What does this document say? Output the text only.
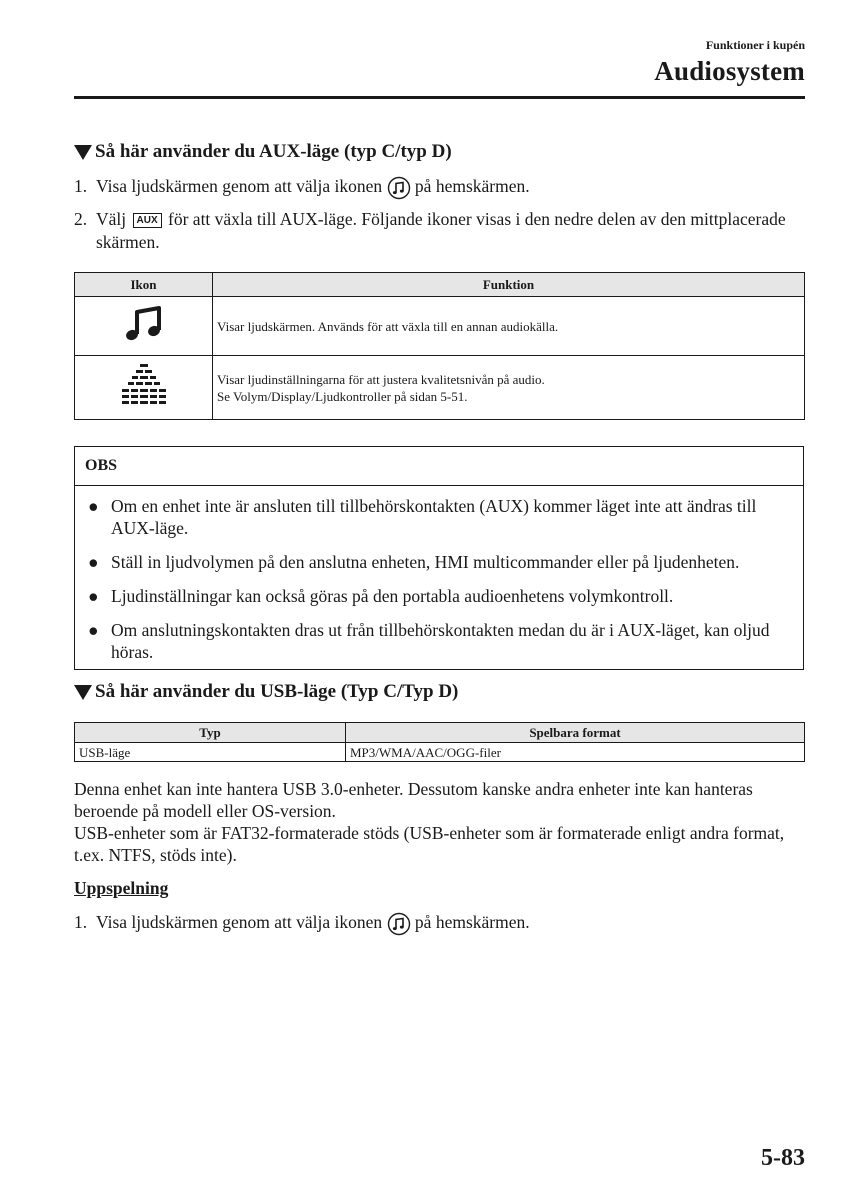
Funktioner i kupén
Audiosystem
Så här använder du AUX-läge (typ C/typ D)
1. Visa ljudskärmen genom att välja ikonen på hemskärmen.
2. Välj AUX för att växla till AUX-läge. Följande ikoner visas i den nedre delen av den mittplacerade skärmen.
Ikon	Funktion
	Visar ljudskärmen. Används för att växla till en annan audiokälla.

Visar ljudinställningarna för att justera kvalitetsnivån på audio.
Se Volym/Display/Ljudkontroller på sidan 5-51.
OBS
● Om en enhet inte är ansluten till tillbehörskontakten (AUX) kommer läget inte att ändras till AUX-läge.
● Ställ in ljudvolymen på den anslutna enheten, HMI multicommander eller på ljudenheten.
● Ljudinställningar kan också göras på den portabla audioenhetens volymkontroll.
● Om anslutningskontakten dras ut från tillbehörskontakten medan du är i AUX-läget, kan oljud höras.
Så här använder du USB-läge (Typ C/Typ D)
Typ	Spelbara format
USB-läge	MP3/WMA/AAC/OGG-filer
Denna enhet kan inte hantera USB 3.0-enheter. Dessutom kanske andra enheter inte kan hanteras beroende på modell eller OS-version.
USB-enheter som är FAT32-formaterade stöds (USB-enheter som är formaterade enligt andra format, t.ex. NTFS, stöds inte).
Uppspelning
1. Visa ljudskärmen genom att välja ikonen på hemskärmen.
5-83
